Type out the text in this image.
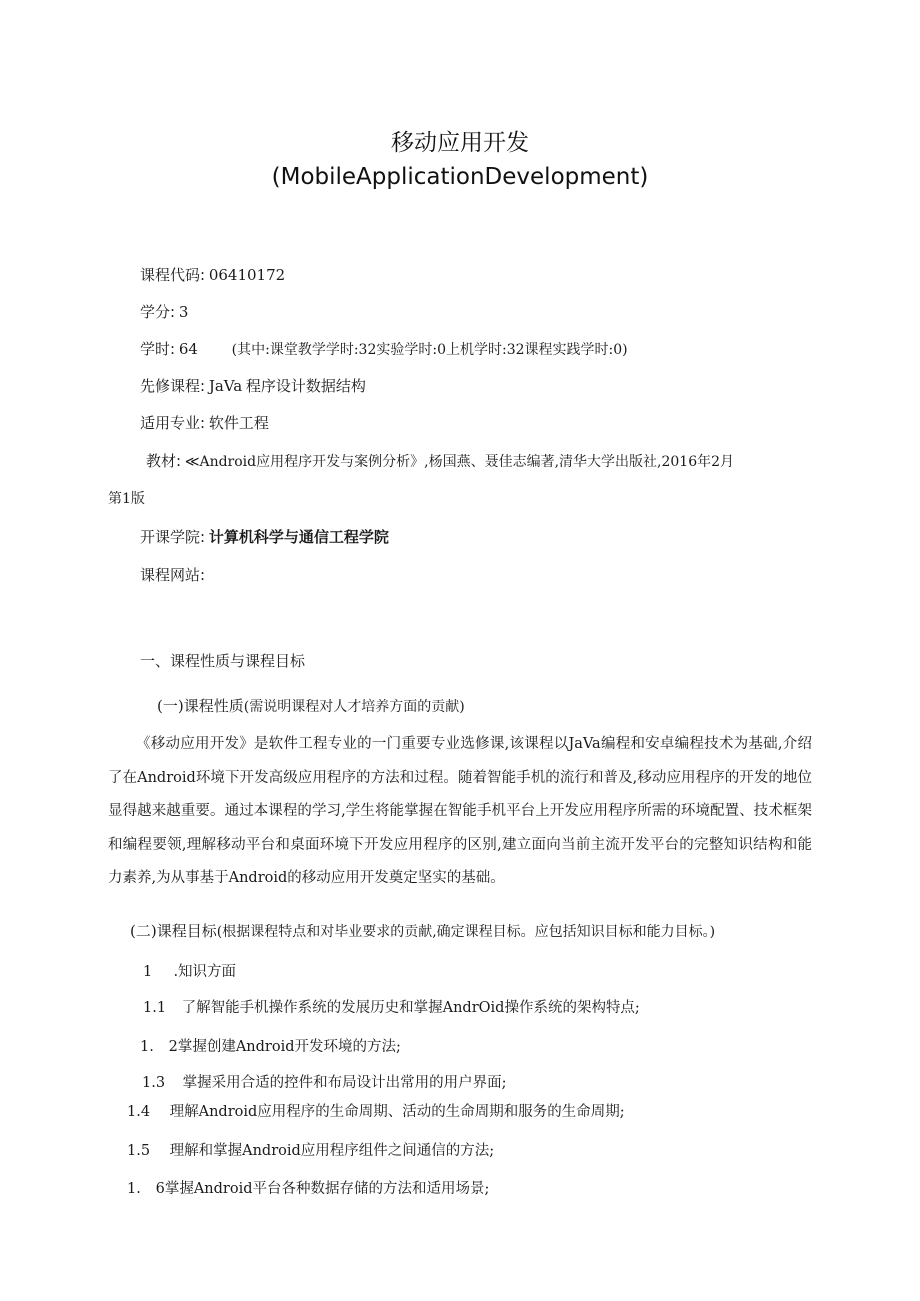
移动应用开发
(MobileApplicationDevelopment)
课程代码: 06410172
学分: 3
学时: 64 (其中:课堂教学学时:32实验学时:0上机学时:32课程实践学时:0)
先修课程: JaVa 程序设计数据结构
适用专业: 软件工程
教材: ≪Android应用程序开发与案例分析》,杨国燕、聂佳志编著,清华大学出版社,2016年2月
第1版
开课学院: 计算机科学与通信工程学院
课程网站:
一、课程性质与课程目标
(一)课程性质(需说明课程对人才培养方面的贡献)
《移动应用开发》是软件工程专业的一门重要专业选修课,该课程以JaVa编程和安卓编程技术为基础,介绍了在Android环境下开发高级应用程序的方法和过程。随着智能手机的流行和普及,移动应用程序的开发的地位显得越来越重要。通过本课程的学习,学生将能掌握在智能手机平台上开发应用程序所需的环境配置、技术框架和编程要领,理解移动平台和桌面环境下开发应用程序的区别,建立面向当前主流开发平台的完整知识结构和能力素养,为从事基于Android的移动应用开发奠定坚实的基础。
(二)课程目标(根据课程特点和对毕业要求的贡献,确定课程目标。应包括知识目标和能力目标。)
1 .知识方面
1.1 了解智能手机操作系统的发展历史和掌握AndrOid操作系统的架构特点;
1. 2掌握创建Android开发环境的方法;
1.3 掌握采用合适的控件和布局设计出常用的用户界面;
1.4 理解Android应用程序的生命周期、活动的生命周期和服务的生命周期;
1.5 理解和掌握Android应用程序组件之间通信的方法;
1. 6掌握Android平台各种数据存储的方法和适用场景;
